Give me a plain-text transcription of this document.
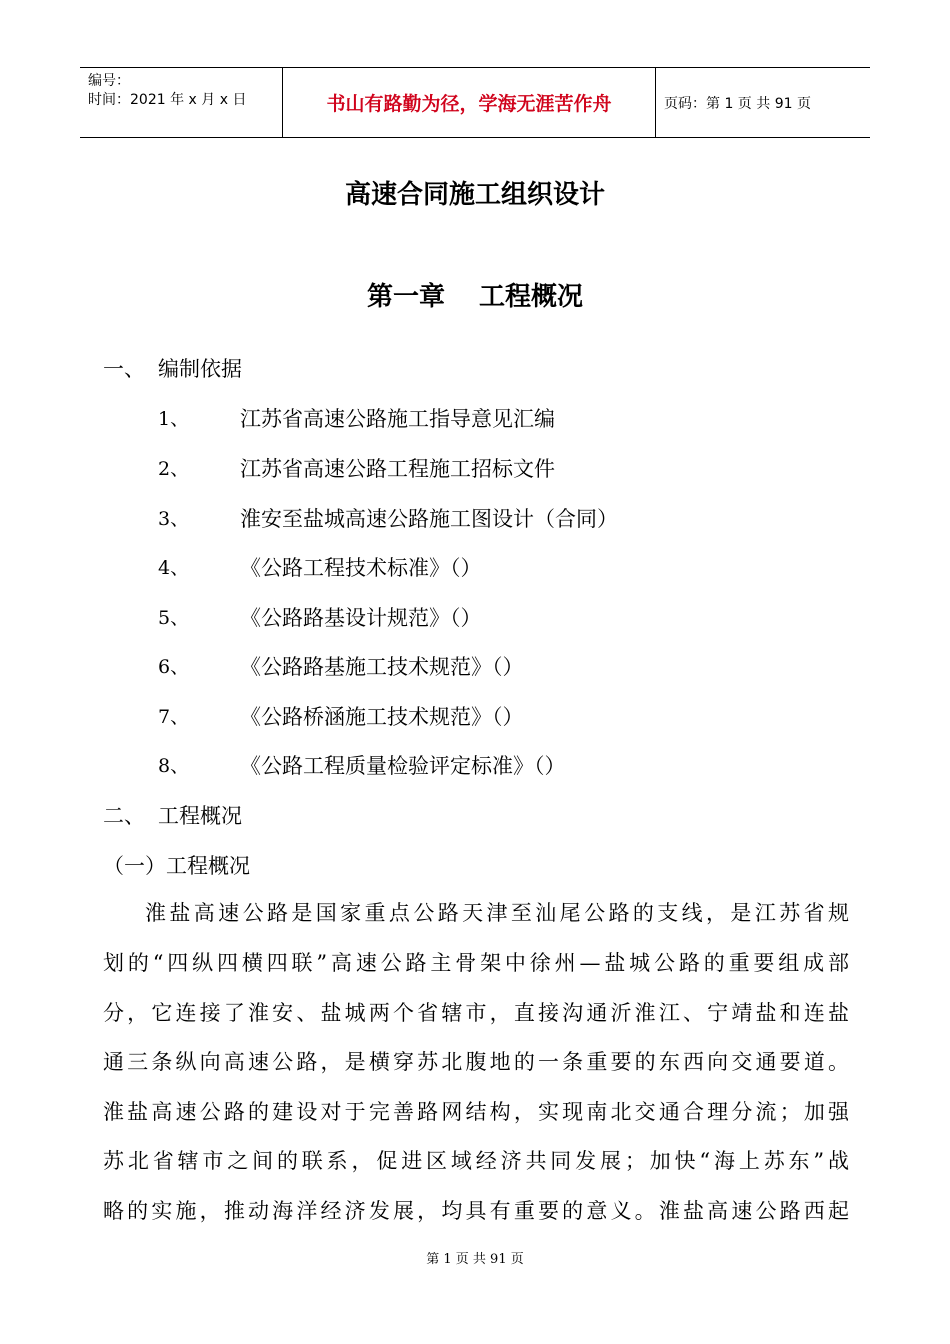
编号：
时间：2021 年 x 月 x 日	书山有路勤为径，学海无涯苦作舟	页码：第 1 页 共 91 页
高速合同施工组织设计
第一章 工程概况
一、 编制依据
1、 江苏省高速公路施工指导意见汇编
2、 江苏省高速公路工程施工招标文件
3、 淮安至盐城高速公路施工图设计（合同）
4、 《公路工程技术标准》（）
5、 《公路路基设计规范》（）
6、 《公路路基施工技术规范》（）
7、 《公路桥涵施工技术规范》（）
8、 《公路工程质量检验评定标准》（）
二、 工程概况
（一）工程概况
淮盐高速公路是国家重点公路天津至汕尾公路的支线，是江苏省规
划的“四纵四横四联”高速公路主骨架中徐州—盐城公路的重要组成部
分，它连接了淮安、盐城两个省辖市，直接沟通沂淮江、宁靖盐和连盐
通三条纵向高速公路，是横穿苏北腹地的一条重要的东西向交通要道。
淮盐高速公路的建设对于完善路网结构，实现南北交通合理分流；加强
苏北省辖市之间的联系，促进区域经济共同发展；加快“海上苏东”战
略的实施，推动海洋经济发展，均具有重要的意义。淮盐高速公路西起
第 1 页 共 91 页
